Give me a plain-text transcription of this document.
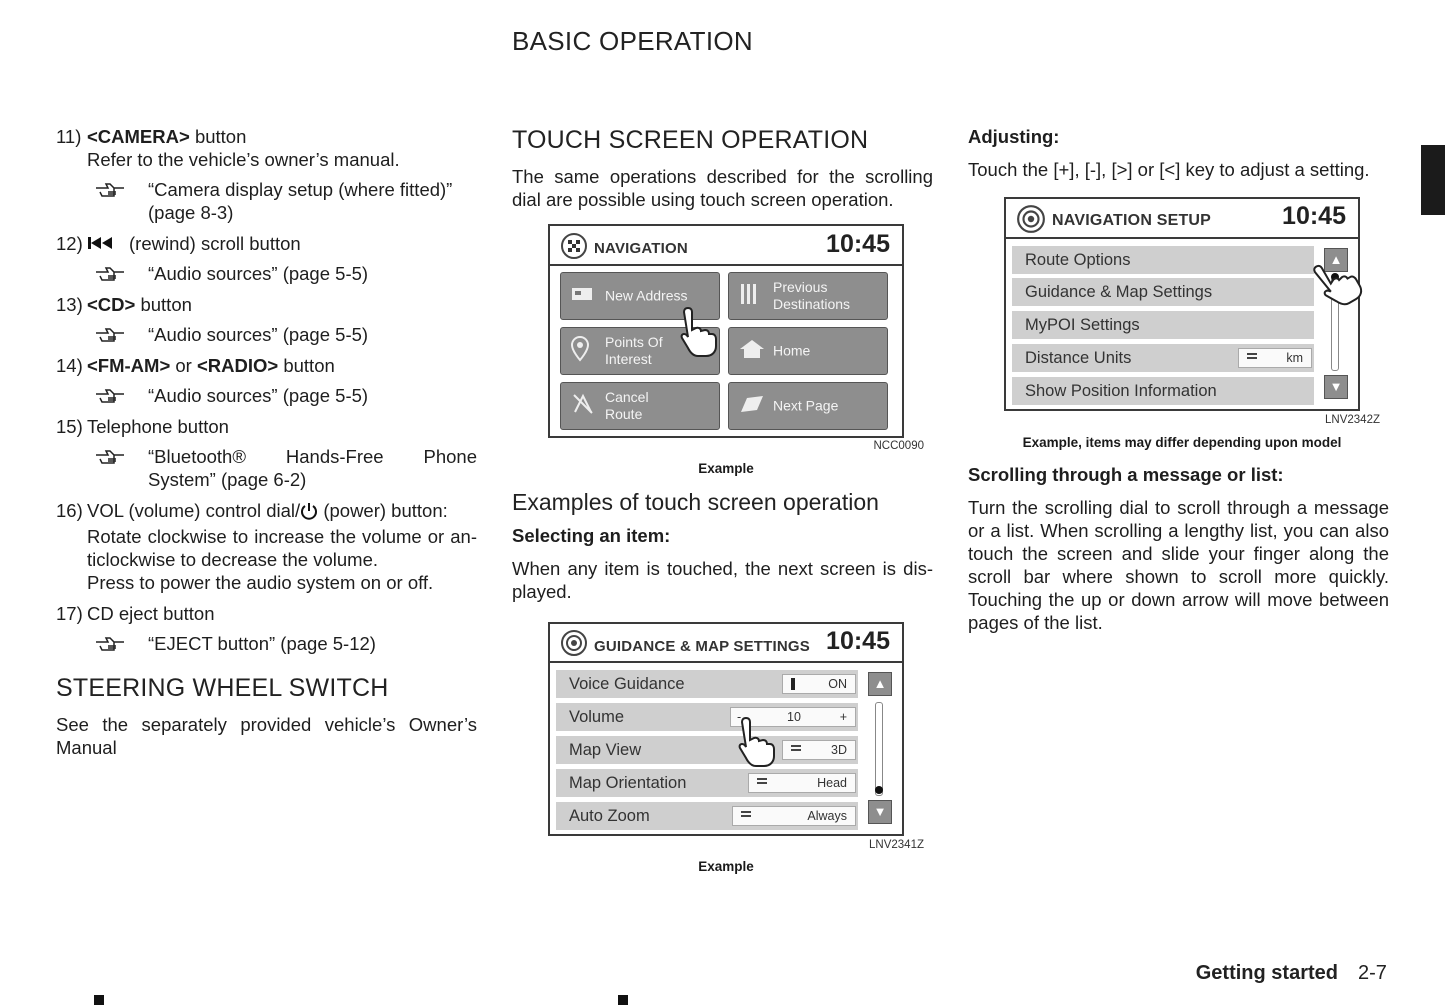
BASIC OPERATION
11) <CAMERA> button
Refer to the vehicle’s owner’s manual.
“Camera display setup (where fitted)”
(page 8-3)
12)	(rewind) scroll button
“Audio sources” (page 5-5)
13) <CD> button
“Audio sources” (page 5-5)
14) <FM-AM> or <RADIO> button
“Audio sources” (page 5-5)
15) Telephone button
“Bluetooth® Hands-Free Phone
System” (page 6-2)
16) VOL (volume) control dial/ (power) button:
Rotate clockwise to increase the volume or an-ticlockwise to decrease the volume.
Press to power the audio system on or off.
17) CD eject button
“EJECT button” (page 5-12)
STEERING WHEEL SWITCH
See the separately provided vehicle’s Owner’s Manual
TOUCH SCREEN OPERATION
The same operations described for the scrolling dial are possible using touch screen operation.
NAVIGATION	10:45
New Address
Previous
Destinations
Points Of
Interest
Home
Cancel
Route
Next Page
NCC0090
Example
Examples of touch screen operation
Selecting an item:
When any item is touched, the next screen is dis-played.
GUIDANCE & MAP SETTINGS 10:45
Voice Guidance	ON
Volume	-	10	+
Map View	3D
Map Orientation	Head
Auto Zoom	Always
▲
▼
LNV2341Z
Example
Adjusting:
Touch the [+], [-], [>] or [<] key to adjust a setting.
NAVIGATION SETUP	10:45
Route Options
Guidance & Map Settings
MyPOI Settings
Distance Units	km
Show Position Information
▲
▼
LNV2342Z
Example, items may differ depending upon model
Scrolling through a message or list:
Turn the scrolling dial to scroll through a message or a list. When scrolling a lengthy list, you can also touch the screen and slide your finger along the scroll bar where shown to scroll more quickly. Touching the up or down arrow will move between pages of the list.
Getting started 2-7
